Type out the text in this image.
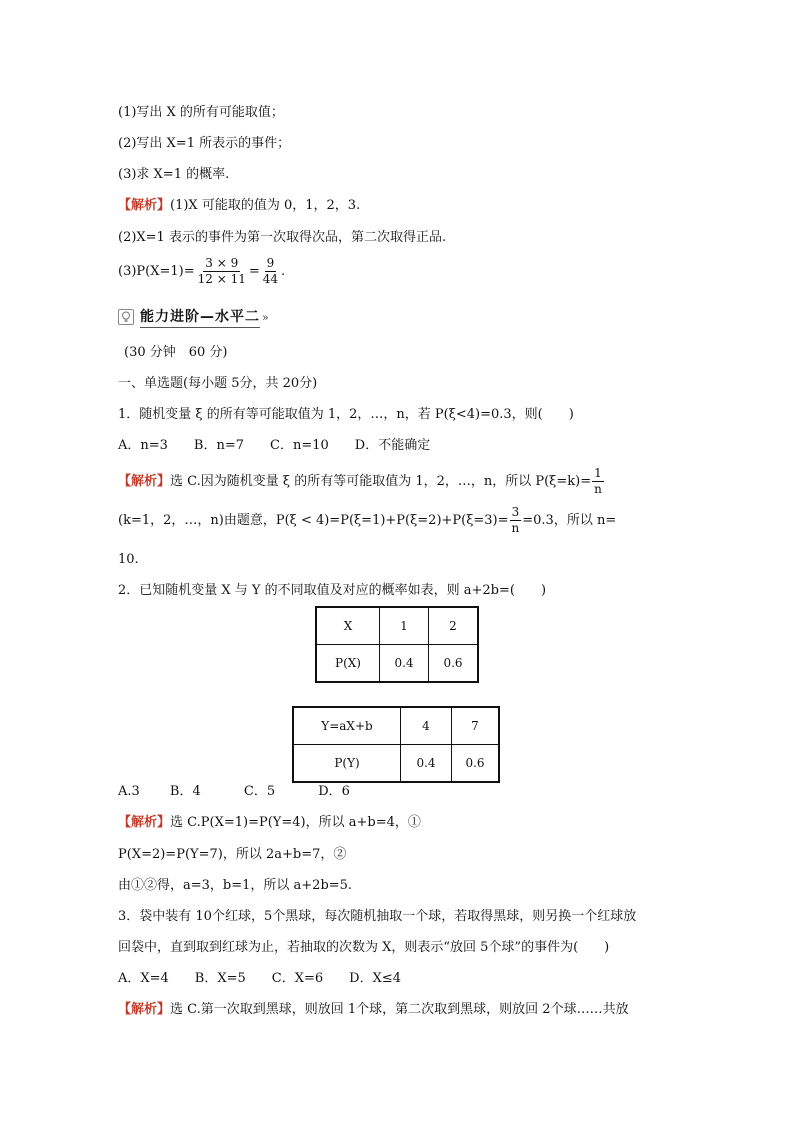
(1)写出 X 的所有可能取值；
(2)写出 X=1 所表示的事件；
(3)求 X=1 的概率.
【解析】(1)X 可能取的值为 0，1，2，3.
(2)X=1 表示的事件为第一次取得次品，第二次取得正品.
$(3)P(X=1)= \frac{3 \times 9}{12 \times 11} = \frac{9}{44}$ .
能力进阶—水平二 »
(30 分钟　60 分)
一、单选题(每小题 5分，共 20分)
1．随机变量 ξ 的所有等可能取值为 1，2，…，n，若 P(ξ<4)=0.3，则(　　)
A．n=3　　B．n=7　　C．n=10　　D．不能确定
【解析】选 C.因为随机变量 ξ 的所有等可能取值为 1，2，…，n，所以 $P(\xi=k)= \frac{1}{n}$
(k=1，2，…，n)由题意，$P(\xi < 4)=P(\xi=1)+P(\xi=2)+P(\xi=3)= \frac{3}{n} =0.3$，所以 n=
10.
2．已知随机变量 X 与 Y 的不同取值及对应的概率如表，则 a+2b=(　　)
X	1	2
P(X)	0.4	0.6
Y=aX+b	4	7
P(Y)	0.4	0.6
A.3　　 B．4　　　 C．5　　　 D．6
【解析】选 C.P(X=1)=P(Y=4)，所以 a+b=4，①
P(X=2)=P(Y=7)，所以 2a+b=7，②
由①②得，a=3，b=1，所以 a+2b=5.
3．袋中装有 10个红球，5个黑球，每次随机抽取一个球，若取得黑球，则另换一个红球放
回袋中，直到取到红球为止，若抽取的次数为 X，则表示“放回 5个球”的事件为(　　)
A．X=4　　B．X=5　　C．X=6　　D．X≤4
【解析】选 C.第一次取到黑球，则放回 1个球，第二次取到黑球，则放回 2个球……共放
